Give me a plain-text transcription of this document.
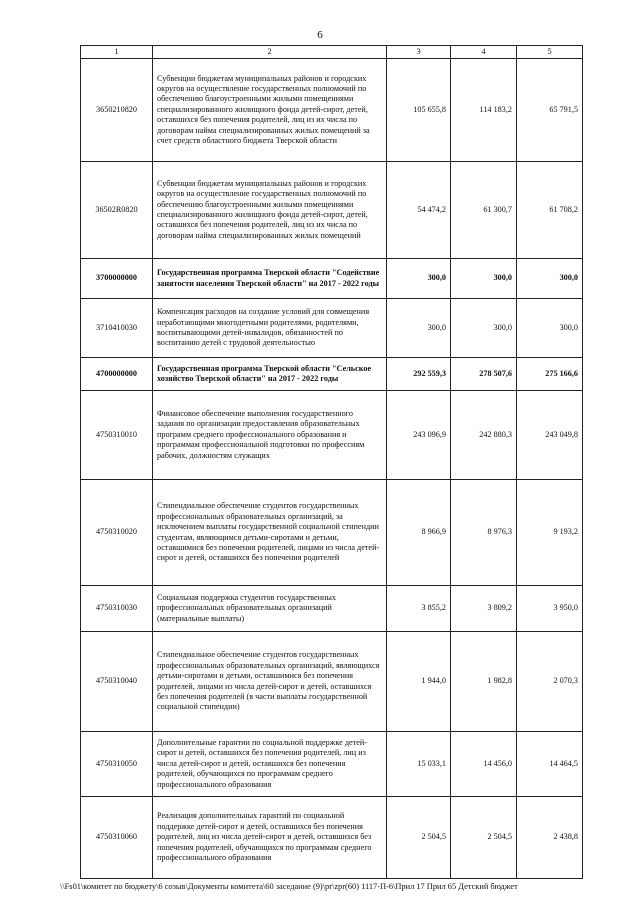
6
1	2	3	4	5
3650210820	Субвенции бюджетам муниципальных районов и городских округов на осуществление государственных полномочий по обеспечению благоустроенными жилыми помещениями специализированного жилищного фонда детей-сирот, детей, оставшихся без попечения родителей, лиц из их числа по договорам найма специализированных жилых помещений за счет средств областного бюджета Тверской области	105 655,8	114 183,2	65 791,5
36502R0820	Субвенции бюджетам муниципальных районов и городских округов на осуществление государственных полномочий по обеспечению благоустроенными жилыми помещениями специализированного жилищного фонда детей-сирот, детей, оставшихся без попечения родителей, лиц из их числа по договорам найма специализированных жилых помещений	54 474,2	61 300,7	61 708,2
3700000000	Государственная программа Тверской области "Содействие занятости населения Тверской области" на 2017 - 2022 годы	300,0	300,0	300,0
3710410030	Компенсация расходов на создание условий для совмещения неработающими многодетными родителями, родителями, воспитывающими детей-инвалидов, обязанностей по воспитанию детей с трудовой деятельностью	300,0	300,0	300,0
4700000000	Государственная программа Тверской области "Сельское хозяйство Тверской области" на 2017 - 2022 годы	292 559,3	278 507,6	275 166,6
4750310010	Финансовое обеспечение выполнения государственного задания по организации предоставления образовательных программ среднего профессионального образования и программам профессиональной подготовки по профессиям рабочих, должностям служащих	243 096,9	242 880,3	243 049,8
4750310020	Стипендиальное обеспечение студентов государственных профессиональных образовательных организаций, за исключением выплаты государственной социальной стипендии студентам, являющимся детьми-сиротами и детьми, оставшимися без попечения родителей, лицами из числа детей-сирот и детей, оставшихся без попечения родителей	8 966,9	8 976,3	9 193,2
4750310030	Социальная поддержка студентов государственных профессиональных образовательных организаций (материальные выплаты)	3 855,2	3 809,2	3 950,0
4750310040	Стипендиальное обеспечение студентов государственных профессиональных образовательных организаций, являющихся детьми-сиротами и детьми, оставшимися без попечения родителей, лицами из числа детей-сирот и детей, оставшихся без попечения родителей (в части выплаты государственной социальной стипендии)	1 944,0	1 982,8	2 070,3
4750310050	Дополнительные гарантии по социальной поддержке детей-сирот и детей, оставшихся без попечения родителей, лиц из числа детей-сирот и детей, оставшихся без попечения родителей, обучающихся по программам среднего профессионального образования	15 033,1	14 456,0	14 464,5
4750310060	Реализация дополнительных гарантий по социальной поддержке детей-сирот и детей, оставшихся без попечения родителей, лиц из числа детей-сирот и детей, оставшихся без попечения родителей, обучающихся по программам среднего профессионального образования	2 504,5	2 504,5	2 438,8
\\Fs01\комитет по бюджету\6 созыв\Документы комитета\60 заседание (9)\pr\zpr(60) 1117-П-6\Прил 17 Прил 65 Детский бюджет
